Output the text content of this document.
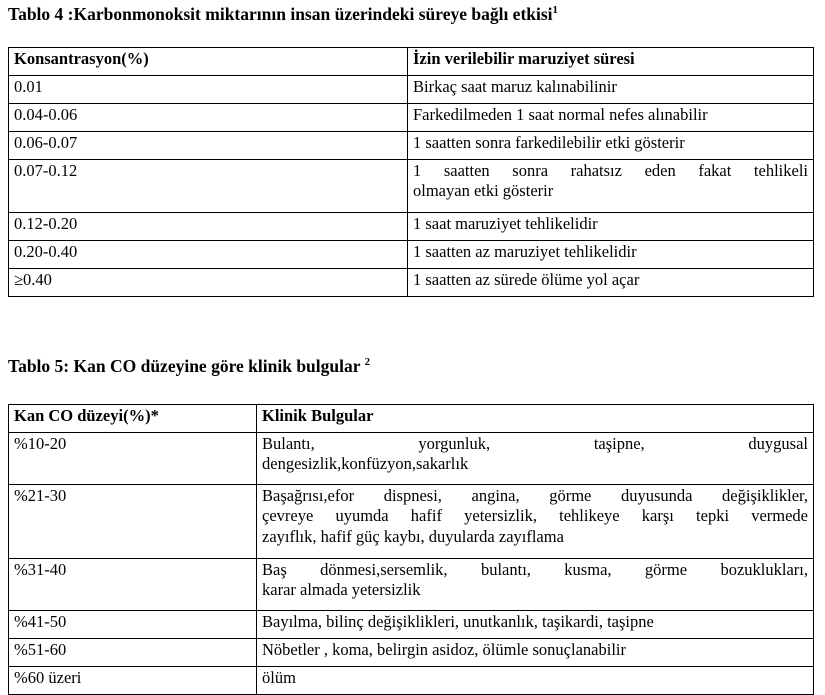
Tablo 4 :Karbonmonoksit miktarının insan üzerindeki süreye bağlı etkisi$^1$
Konsantrasyon(%)	İzin verilebilir maruziyet süresi
0.01	Birkaç saat maruz kalınabilinir

0.04-0.06	Farkedilmeden 1 saat normal nefes alınabilir

0.06-0.07	1 saatten sonra farkedilebilir etki gösterir

0.07-0.12	1 saatten sonra rahatsız eden fakat tehlikeli
olmayan etki gösterir

0.12-0.20	1 saat maruziyet tehlikelidir

0.20-0.40	1 saatten az maruziyet tehlikelidir

≥0.40	1 saatten az sürede ölüme yol açar
Tablo 5: Kan CO düzeyine göre klinik bulgular $^2$
Kan CO düzeyi(%)*	Klinik Bulgular
%10-20	Bulantı, yorgunluk, taşipne, duygusal
dengesizlik,konfüzyon,sakarlık

%21-30	Başağrısı,efor dispnesi, angina, görme duyusunda değişiklikler,
çevreye uyumda hafif yetersizlik, tehlikeye karşı tepki vermede
zayıflık, hafif güç kaybı, duyularda zayıflama

%31-40	Baş dönmesi,sersemlik, bulantı, kusma, görme bozuklukları,
karar almada yetersizlik

%41-50	Bayılma, bilinç değişiklikleri, unutkanlık, taşikardi, taşipne

%51-60	Nöbetler , koma, belirgin asidoz, ölümle sonuçlanabilir

%60 üzeri	ölüm
